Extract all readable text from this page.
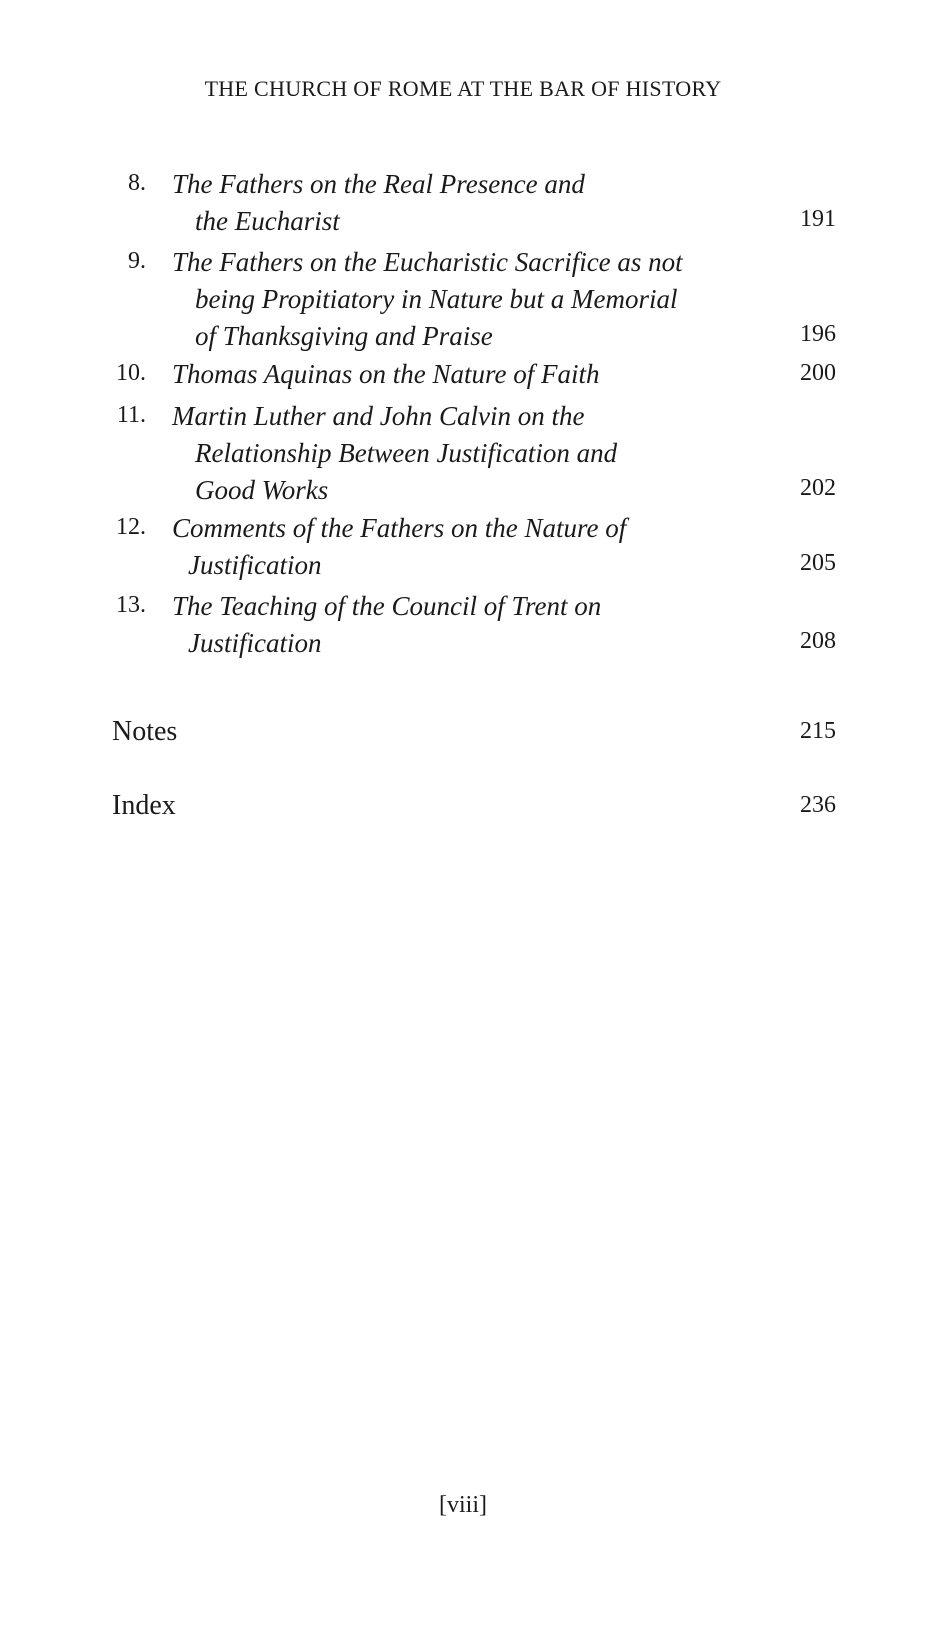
THE CHURCH OF ROME AT THE BAR OF HISTORY
8. The Fathers on the Real Presence and
the Eucharist	191
9. The Fathers on the Eucharistic Sacrifice as not
being Propitiatory in Nature but a Memorial
of Thanksgiving and Praise	196
10. Thomas Aquinas on the Nature of Faith	200
11. Martin Luther and John Calvin on the
Relationship Between Justification and
Good Works	202
12. Comments of the Fathers on the Nature of
Justification	205
13. The Teaching of the Council of Trent on
Justification	208
Notes	215
Index	236
[viii]
